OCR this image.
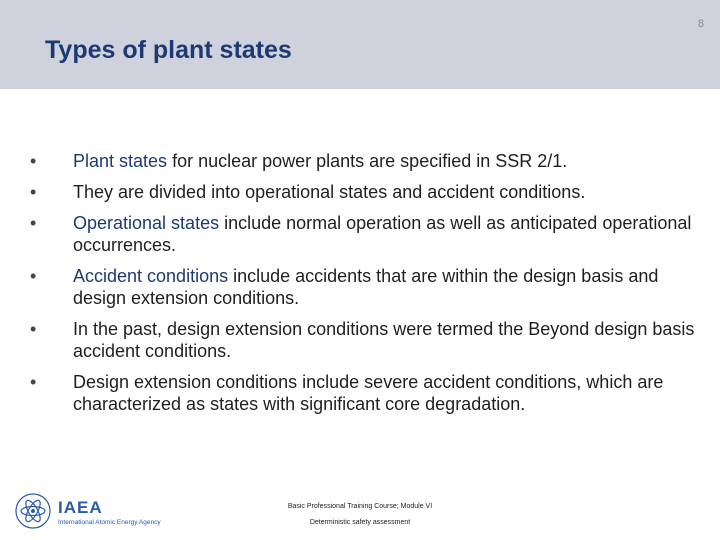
8
Types of plant states
•	Plant states for nuclear power plants are specified in SSR 2/1.
•	They are divided into operational states and accident conditions.
•	Operational states include normal operation as well as anticipated operational occurrences.
•	Accident conditions include accidents that are within the design basis and design extension conditions.
•	In the past, design extension conditions were termed the Beyond design basis accident conditions.
•	Design extension conditions include severe accident conditions, which are characterized as states with significant core degradation.
IAEA
International Atomic Energy Agency
Basic Professional Training Course; Module VI
Deterministic safety assessment
